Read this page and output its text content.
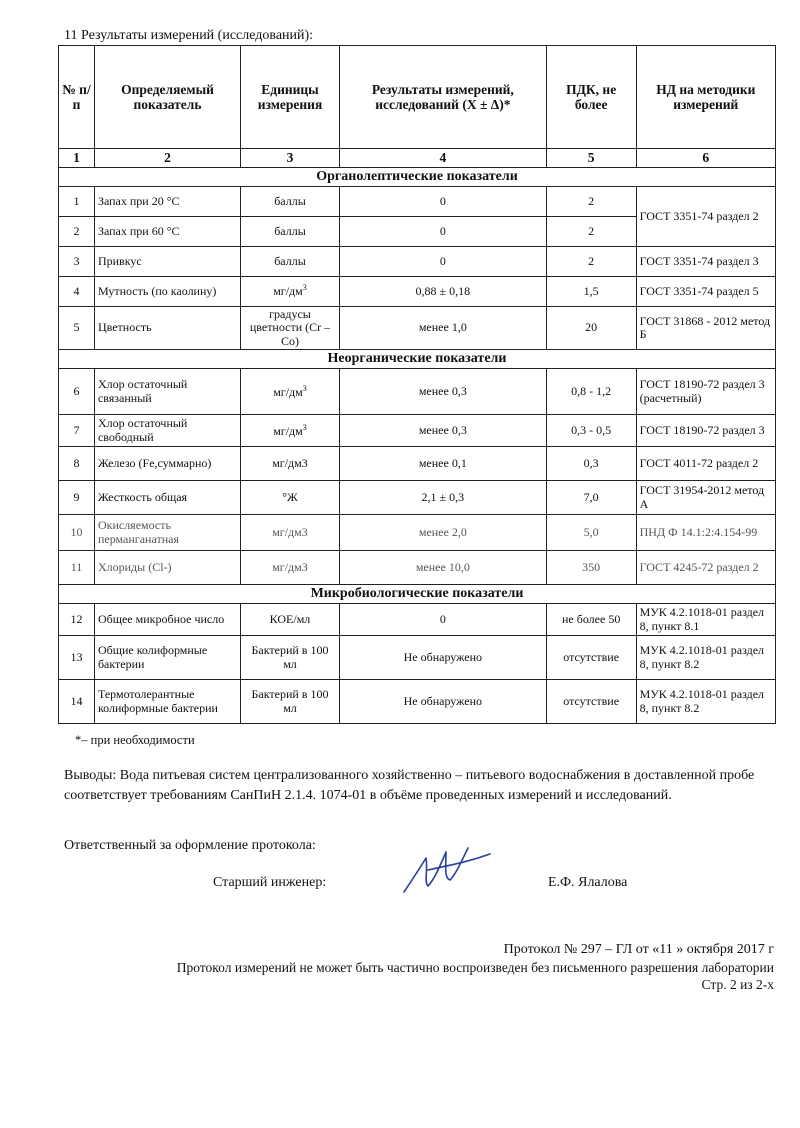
11 Результаты измерений (исследований):
№ п/п	Определяемый показатель	Единицы измерения	Результаты измерений, исследований (X ± Δ)*	ПДК, не более	НД на методики измерений
1	2	3	4	5	6
Органолептические показатели					
1	Запах при 20 °С	баллы	0	2	ГОСТ 3351-74 раздел 2
2	Запах при 60 °С	баллы	0	2	
3	Привкус	баллы	0	2	ГОСТ 3351-74 раздел 3
4	Мутность (по каолину)	$мг/дм^3$	0,88 ± 0,18	1,5	ГОСТ 3351-74 раздел 5
5	Цветность	градусы цветности (Cr – Co)	менее 1,0	20	ГОСТ 31868 - 2012 метод Б
Неорганические показатели					
6	Хлор остаточный связанный	$мг/дм^3$	менее 0,3	0,8 - 1,2	ГОСТ 18190-72 раздел 3 (расчетный)
7	Хлор остаточный свободный	$мг/дм^3$	менее 0,3	0,3 - 0,5	ГОСТ 18190-72 раздел 3
8	Железо (Fe,суммарно)	мг/дм3	менее 0,1	0,3	ГОСТ 4011-72 раздел 2
9	Жесткость общая	°Ж	2,1 ± 0,3	7,0	ГОСТ 31954-2012 метод А
10	Окисляемость перманганатная	мг/дм3	менее 2,0	5,0	ПНД Ф 14.1:2:4.154-99
11	Хлориды (Cl-)	мг/дм3	менее 10,0	350	ГОСТ 4245-72 раздел 2
Микробиологические показатели					
12	Общее микробное число	КОЕ/мл	0	не более 50	МУК 4.2.1018-01 раздел 8, пункт 8.1
13	Общие колиформные бактерии	Бактерий в 100 мл	Не обнаружено	отсутствие	МУК 4.2.1018-01 раздел 8, пункт 8.2
14	Термотолерантные колиформные бактерии	Бактерий в 100 мл	Не обнаружено	отсутствие	МУК 4.2.1018-01 раздел 8, пункт 8.2
*– при необходимости
Выводы: Вода питьевая систем централизованного хозяйственно – питьевого водоснабжения в доставленной пробе соответствует требованиям СанПиН 2.1.4. 1074-01 в объёме проведенных измерений и исследований.
Ответственный за оформление протокола:
Старший инженер:	Е.Ф. Ялалова
Протокол № 297 – ГЛ от «11 » октября 2017 г
Протокол измерений не может быть частично воспроизведен без письменного разрешения лаборатории
Стр. 2 из 2-х
